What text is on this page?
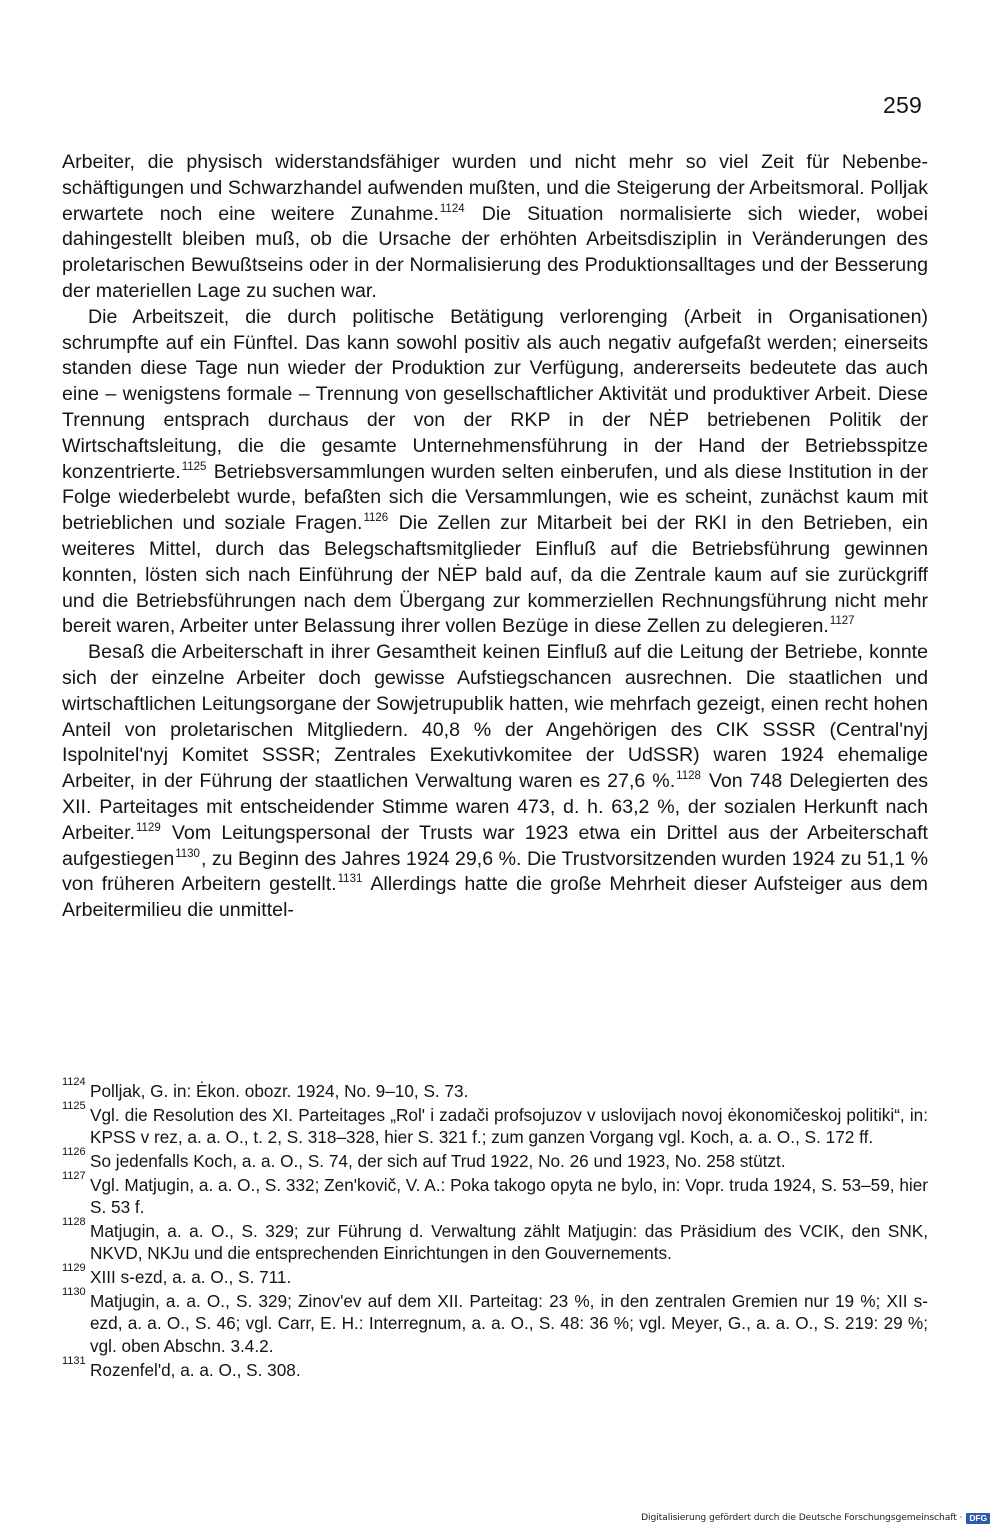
259

Arbeiter, die physisch widerstandsfähiger wurden und nicht mehr so viel Zeit für Nebenbeschäftigungen und Schwarzhandel aufwenden mußten, und die Steigerung der Arbeitsmoral. Polljak erwartete noch eine weitere Zunahme.$^{1124}$ Die Situation normalisierte sich wieder, wobei dahingestellt bleiben muß, ob die Ursache der erhöhten Arbeitsdisziplin in Veränderungen des proletarischen Bewußtseins oder in der Normalisierung des Produktionsalltages und der Besserung der materiellen Lage zu suchen war.

Die Arbeitszeit, die durch politische Betätigung verlorenging (Arbeit in Organisationen) schrumpfte auf ein Fünftel. Das kann sowohl positiv als auch negativ aufgefaßt werden; einerseits standen diese Tage nun wieder der Produktion zur Verfügung, andererseits bedeutete das auch eine – wenigstens formale – Trennung von gesellschaftlicher Aktivität und produktiver Arbeit. Diese Trennung entsprach durchaus der von der RKP in der NĖP betriebenen Politik der Wirtschaftsleitung, die die gesamte Unternehmensführung in der Hand der Betriebsspitze konzentrierte.$^{1125}$ Betriebsversammlungen wurden selten einberufen, und als diese Institution in der Folge wiederbelebt wurde, befaßten sich die Versammlungen, wie es scheint, zunächst kaum mit betrieblichen und soziale Fragen.$^{1126}$ Die Zellen zur Mitarbeit bei der RKI in den Betrieben, ein weiteres Mittel, durch das Belegschaftsmitglieder Einfluß auf die Betriebsführung gewinnen konnten, lösten sich nach Einführung der NĖP bald auf, da die Zentrale kaum auf sie zurückgriff und die Betriebsführungen nach dem Übergang zur kommerziellen Rechnungsführung nicht mehr bereit waren, Arbeiter unter Belassung ihrer vollen Bezüge in diese Zellen zu delegieren.$^{1127}$

Besaß die Arbeiterschaft in ihrer Gesamtheit keinen Einfluß auf die Leitung der Betriebe, konnte sich der einzelne Arbeiter doch gewisse Aufstiegschancen ausrechnen. Die staatlichen und wirtschaftlichen Leitungsorgane der Sowjetrupublik hatten, wie mehrfach gezeigt, einen recht hohen Anteil von proletarischen Mitgliedern. 40,8 % der Angehörigen des CIK SSSR (Central'nyj Ispolnitel'nyj Komitet SSSR; Zentrales Exekutivkomitee der UdSSR) waren 1924 ehemalige Arbeiter, in der Führung der staatlichen Verwaltung waren es 27,6 %.$^{1128}$ Von 748 Delegierten des XII. Parteitages mit entscheidender Stimme waren 473, d. h. 63,2 %, der sozialen Herkunft nach Arbeiter.$^{1129}$ Vom Leitungspersonal der Trusts war 1923 etwa ein Drittel aus der Arbeiterschaft aufgestiegen$^{1130}$, zu Beginn des Jahres 1924 29,6 %. Die Trustvorsitzenden wurden 1924 zu 51,1 % von früheren Arbeitern gestellt.$^{1131}$ Allerdings hatte die große Mehrheit dieser Aufsteiger aus dem Arbeitermilieu die unmittel-

1124 Polljak, G. in: Ėkon. obozr. 1924, No. 9–10, S. 73.
1125 Vgl. die Resolution des XI. Parteitages „Rol' i zadači profsojuzov v uslovijach novoj ėkonomičeskoj politiki“, in: KPSS v rez, a. a. O., t. 2, S. 318–328, hier S. 321 f.; zum ganzen Vorgang vgl. Koch, a. a. O., S. 172 ff.
1126 So jedenfalls Koch, a. a. O., S. 74, der sich auf Trud 1922, No. 26 und 1923, No. 258 stützt.
1127 Vgl. Matjugin, a. a. O., S. 332; Zen'kovič, V. A.: Poka takogo opyta ne bylo, in: Vopr. truda 1924, S. 53–59, hier S. 53 f.
1128 Matjugin, a. a. O., S. 329; zur Führung d. Verwaltung zählt Matjugin: das Präsidium des VCIK, den SNK, NKVD, NKJu und die entsprechenden Einrichtungen in den Gouvernements.
1129 XIII s-ezd, a. a. O., S. 711.
1130 Matjugin, a. a. O., S. 329; Zinov'ev auf dem XII. Parteitag: 23 %, in den zentralen Gremien nur 19 %; XII s-ezd, a. a. O., S. 46; vgl. Carr, E. H.: Interregnum, a. a. O., S. 48: 36 %; vgl. Meyer, G., a. a. O., S. 219: 29 %; vgl. oben Abschn. 3.4.2.
1131 Rozenfel'd, a. a. O., S. 308.
Digitalisierung gefördert durch die Deutsche Forschungsgemeinschaft · DFG
